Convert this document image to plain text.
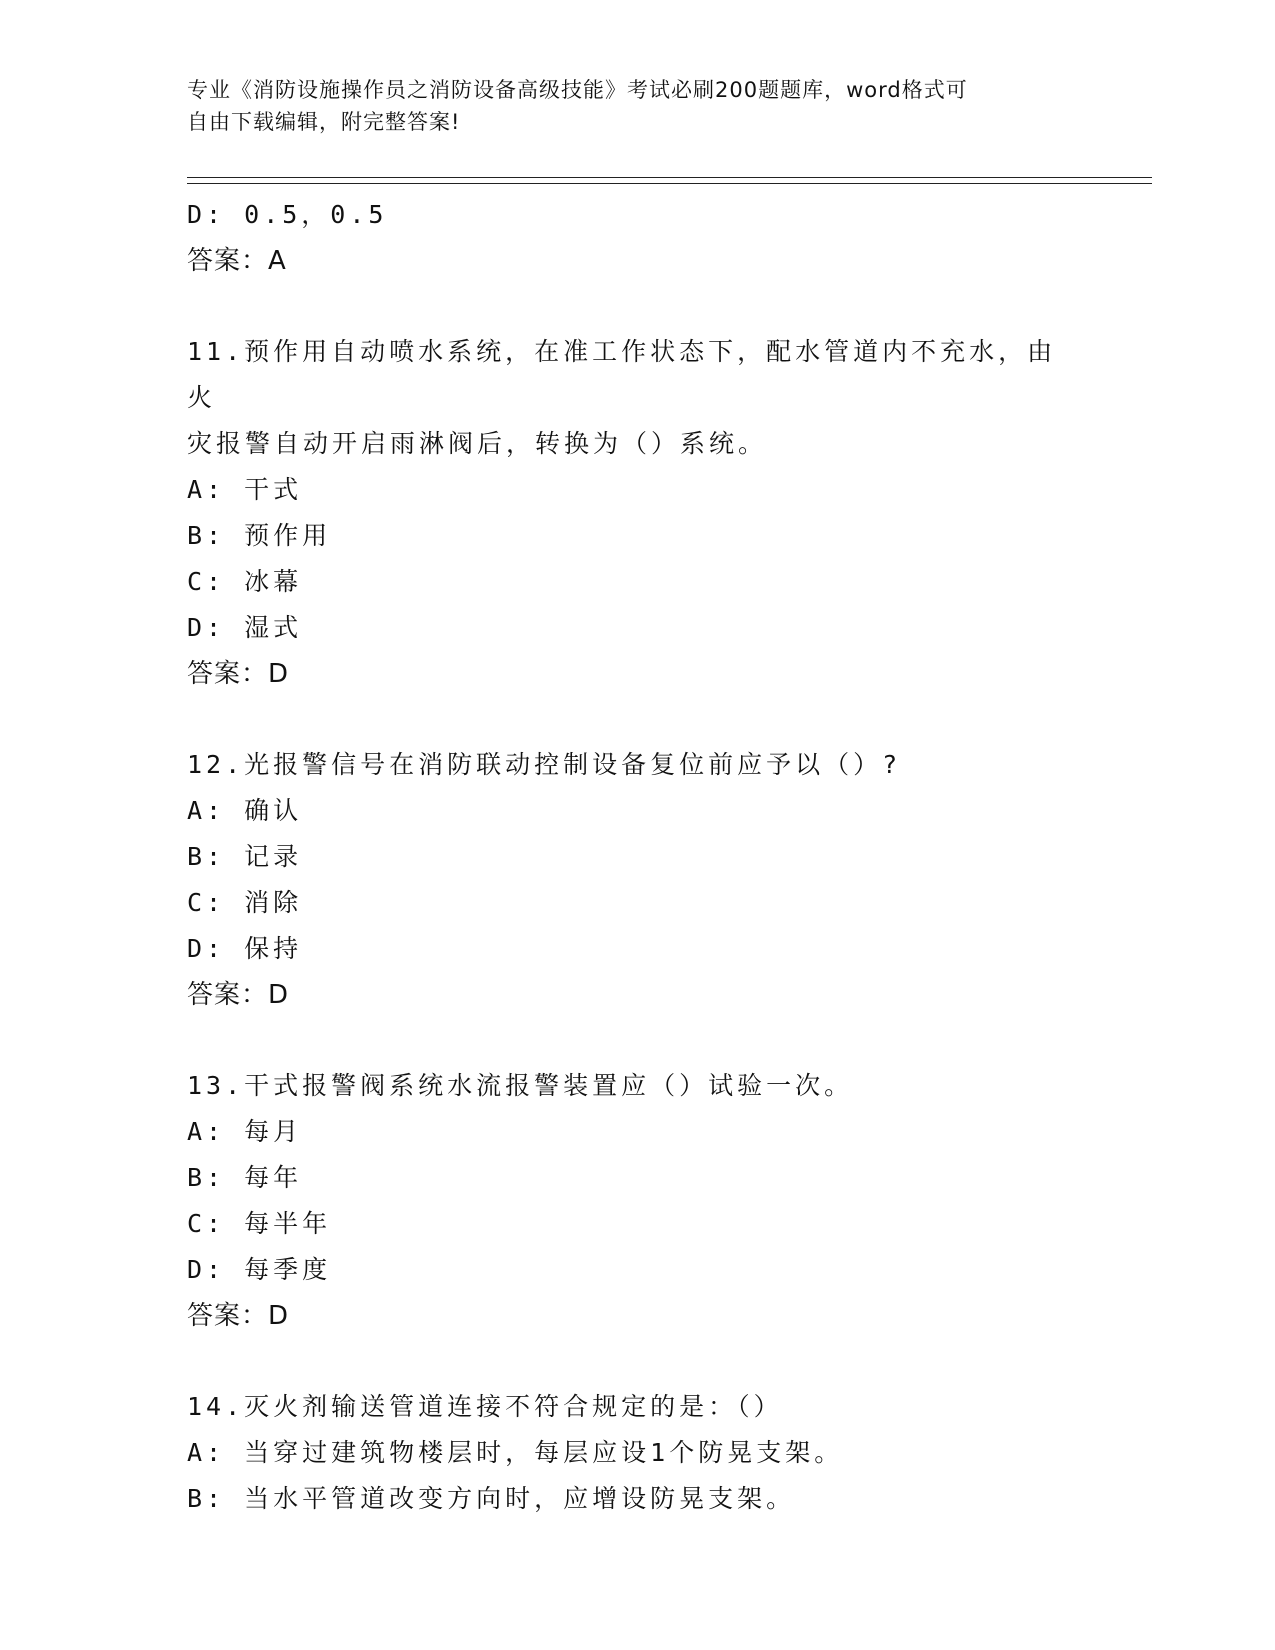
专业《消防设施操作员之消防设备高级技能》考试必刷200题题库，word格式可
自由下载编辑，附完整答案!
D: 0.5，0.5
答案：A
11.预作用自动喷水系统，在准工作状态下，配水管道内不充水，由火
灾报警自动开启雨淋阀后，转换为（）系统。
A: 干式
B: 预作用
C: 冰幕
D: 湿式
答案：D
12.光报警信号在消防联动控制设备复位前应予以（）?
A: 确认
B: 记录
C: 消除
D: 保持
答案：D
13.干式报警阀系统水流报警装置应（）试验一次。
A: 每月
B: 每年
C: 每半年
D: 每季度
答案：D
14.灭火剂输送管道连接不符合规定的是：（）
A: 当穿过建筑物楼层时，每层应设1个防晃支架。
B: 当水平管道改变方向时，应增设防晃支架。
